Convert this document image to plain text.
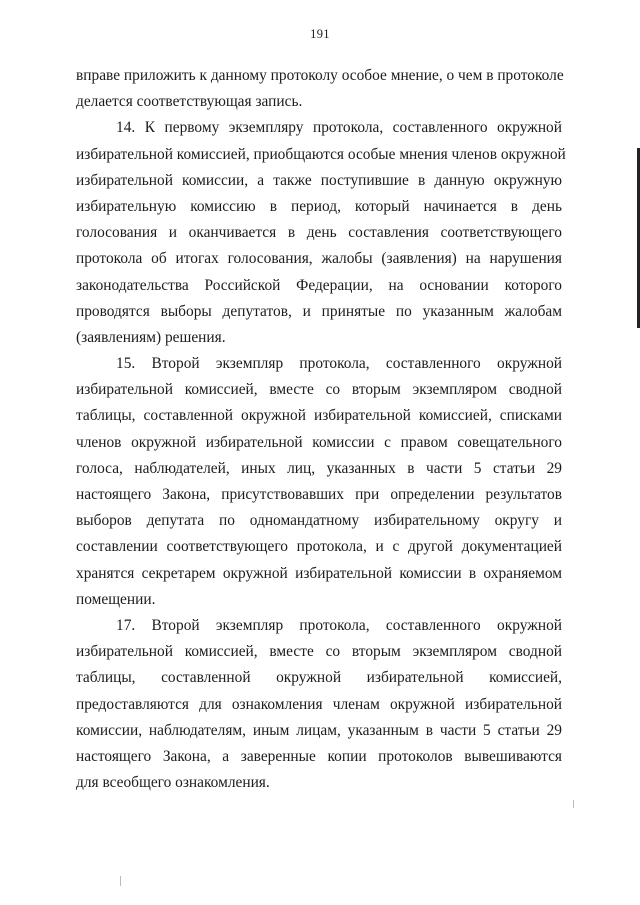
191
вправе приложить к данному протоколу особое мнение, о чем в протоколе
делается соответствующая запись.
14. К первому экземпляру протокола, составленного окружной
избирательной комиссией, приобщаются особые мнения членов окружной
избирательной комиссии, а также поступившие в данную окружную
избирательную комиссию в период, который начинается в день
голосования и оканчивается в день составления соответствующего
протокола об итогах голосования, жалобы (заявления) на нарушения
законодательства Российской Федерации, на основании которого
проводятся выборы депутатов, и принятые по указанным жалобам
(заявлениям) решения.
15. Второй экземпляр протокола, составленного окружной
избирательной комиссией, вместе со вторым экземпляром сводной
таблицы, составленной окружной избирательной комиссией, списками
членов окружной избирательной комиссии с правом совещательного
голоса, наблюдателей, иных лиц, указанных в части 5 статьи 29
настоящего Закона, присутствовавших при определении результатов
выборов депутата по одномандатному избирательному округу и
составлении соответствующего протокола, и с другой документацией
хранятся секретарем окружной избирательной комиссии в охраняемом
помещении.
17. Второй экземпляр протокола, составленного окружной
избирательной комиссией, вместе со вторым экземпляром сводной
таблицы, составленной окружной избирательной комиссией,
предоставляются для ознакомления членам окружной избирательной
комиссии, наблюдателям, иным лицам, указанным в части 5 статьи 29
настоящего Закона, а заверенные копии протоколов вывешиваются
для всеобщего ознакомления.
